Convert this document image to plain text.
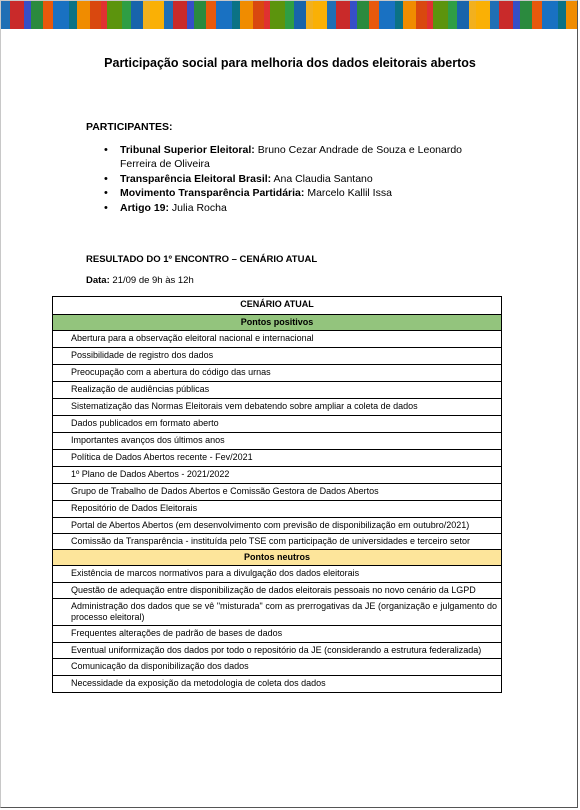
Participação social para melhoria dos dados eleitorais abertos
PARTICIPANTES:
• Tribunal Superior Eleitoral: Bruno Cezar Andrade de Souza e Leonardo Ferreira de Oliveira
• Transparência Eleitoral Brasil: Ana Claudia Santano
• Movimento Transparência Partidária: Marcelo Kallil Issa
• Artigo 19: Julia Rocha
RESULTADO DO 1º ENCONTRO – CENÁRIO ATUAL
Data: 21/09 de 9h às 12h
CENÁRIO ATUAL
Pontos positivos
Abertura para a observação eleitoral nacional e internacional
Possibilidade de registro dos dados
Preocupação com a abertura do código das urnas
Realização de audiências públicas
Sistematização das Normas Eleitorais vem debatendo sobre ampliar a coleta de dados
Dados publicados em formato aberto
Importantes avanços dos últimos anos
Política de Dados Abertos recente - Fev/2021
1º Plano de Dados Abertos - 2021/2022
Grupo de Trabalho de Dados Abertos e Comissão Gestora de Dados Abertos
Repositório de Dados Eleitorais
Portal de Abertos Abertos (em desenvolvimento com previsão de disponibilização em outubro/2021)
Comissão da Transparência - instituída pelo TSE com participação de universidades e terceiro setor
Pontos neutros
Existência de marcos normativos para a divulgação dos dados eleitorais
Questão de adequação entre disponibilização de dados eleitorais pessoais no novo cenário da LGPD
Administração dos dados que se vê "misturada" com as prerrogativas da JE (organização e julgamento do processo eleitoral)
Frequentes alterações de padrão de bases de dados
Eventual uniformização dos dados por todo o repositório da JE (considerando a estrutura federalizada)
Comunicação da disponibilização dos dados
Necessidade da exposição da metodologia de coleta dos dados
